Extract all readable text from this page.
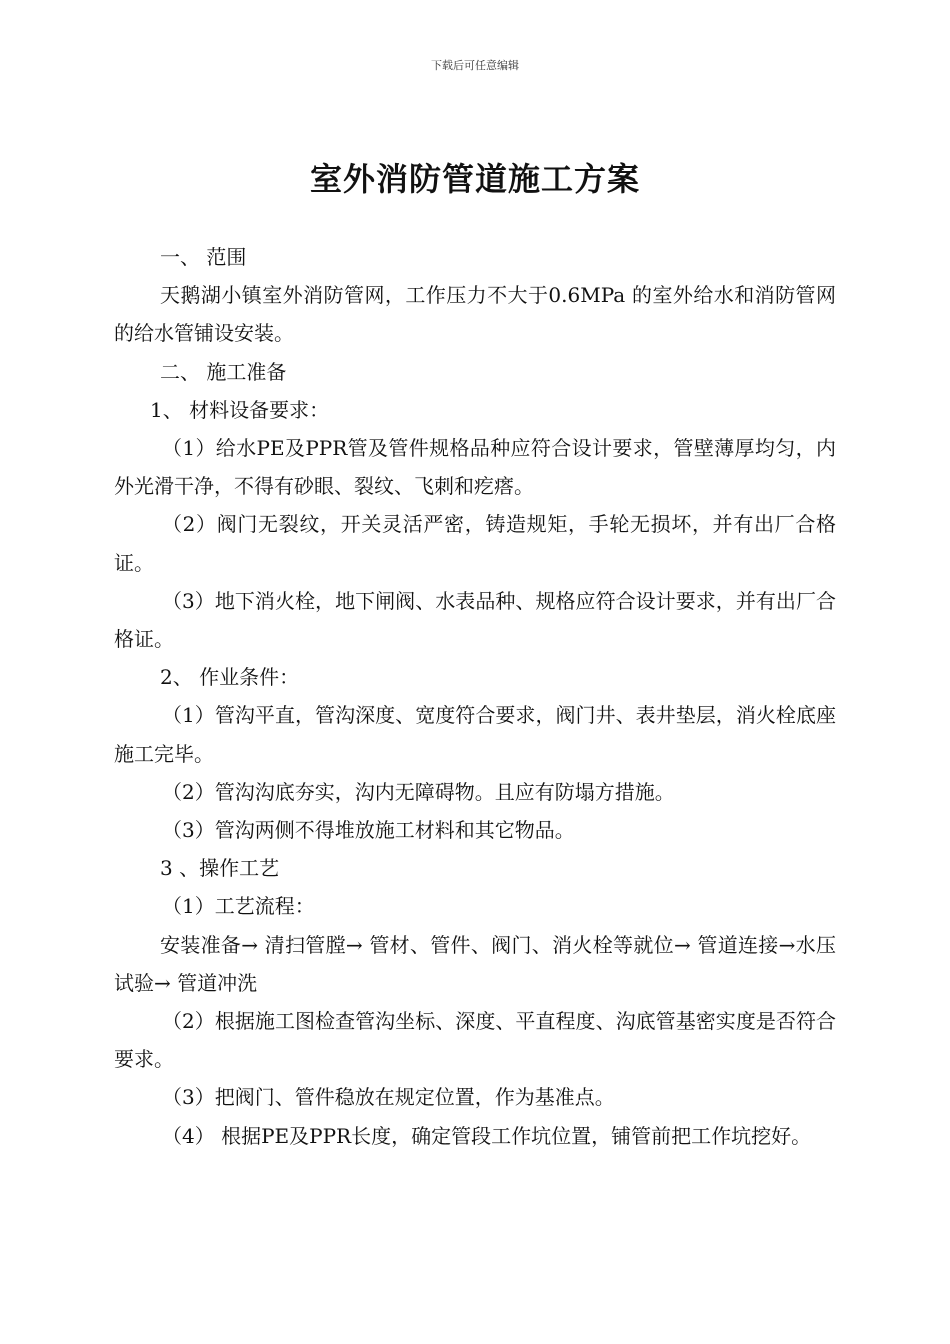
下载后可任意编辑
室外消防管道施工方案

一、 范围

天鹅湖小镇室外消防管网，工作压力不大于0.6MPa 的室外给水和消防管网的给水管铺设安装。

二、 施工准备

1、 材料设备要求：

（1）给水PE及PPR管及管件规格品种应符合设计要求，管壁薄厚均匀，内外光滑干净，不得有砂眼、裂纹、飞刺和疙瘩。

（2）阀门无裂纹，开关灵活严密，铸造规矩，手轮无损坏，并有出厂合格证。

（3）地下消火栓，地下闸阀、水表品种、规格应符合设计要求，并有出厂合格证。

2、 作业条件：

（1）管沟平直，管沟深度、宽度符合要求，阀门井、表井垫层，消火栓底座施工完毕。

（2）管沟沟底夯实，沟内无障碍物。且应有防塌方措施。

（3）管沟两侧不得堆放施工材料和其它物品。

3 、操作工艺

（1）工艺流程：

安装准备→ 清扫管膛→ 管材、管件、阀门、消火栓等就位→ 管道连接→水压试验→ 管道冲洗

（2）根据施工图检查管沟坐标、深度、平直程度、沟底管基密实度是否符合要求。

（3）把阀门、管件稳放在规定位置，作为基准点。

（4） 根据PE及PPR长度，确定管段工作坑位置，铺管前把工作坑挖好。
